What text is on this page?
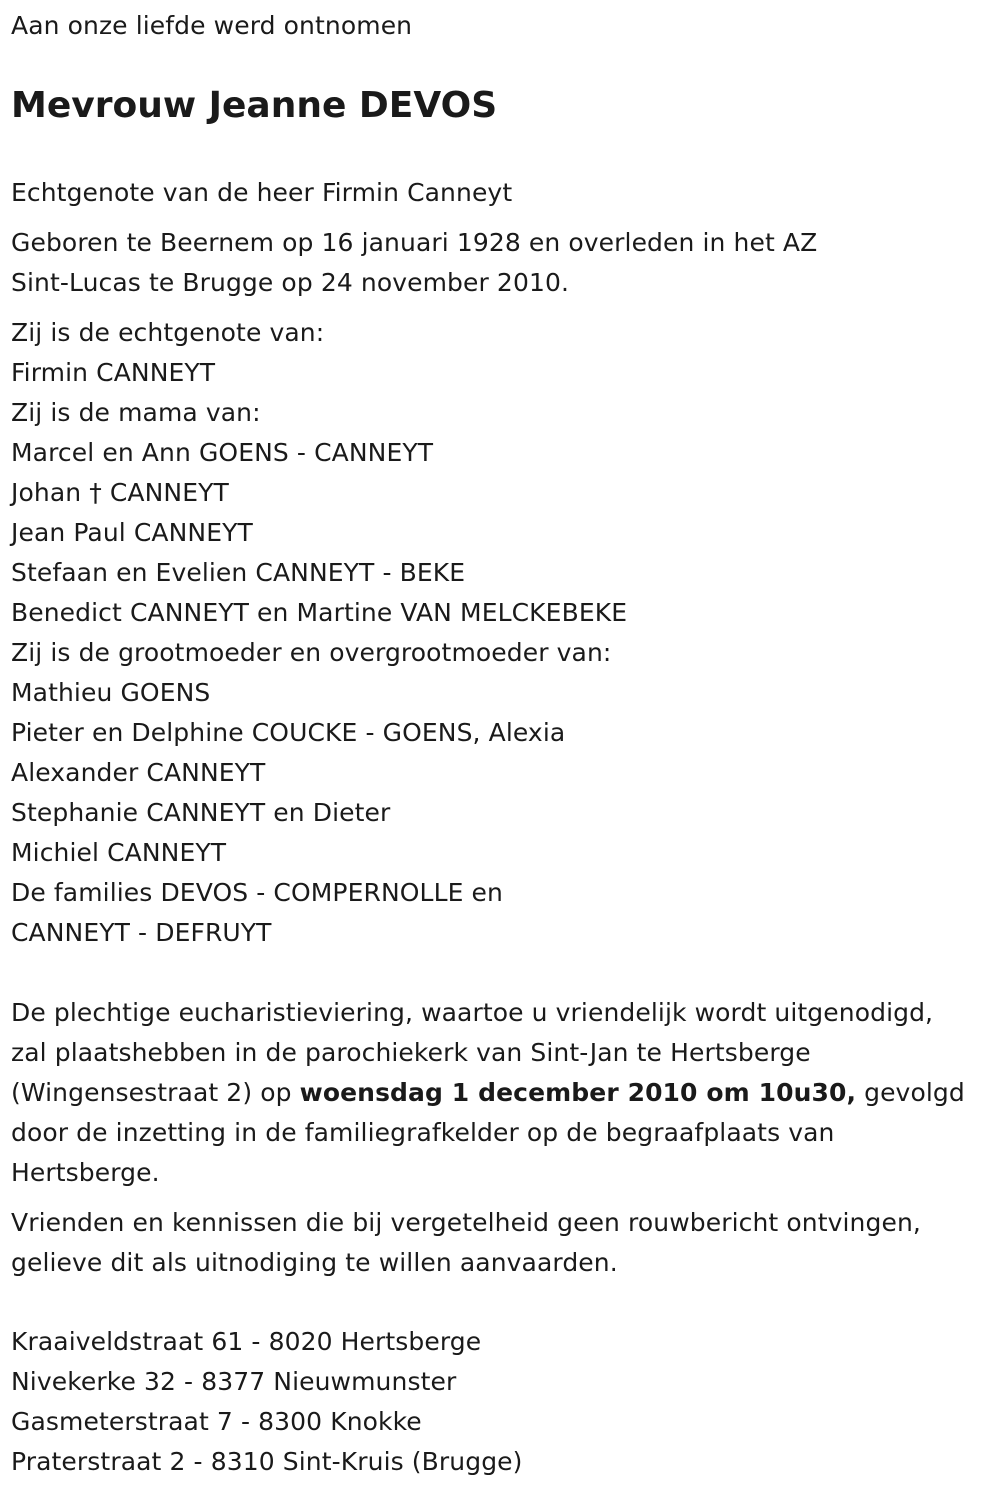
Aan onze liefde werd ontnomen
Mevrouw Jeanne DEVOS
Echtgenote van de heer Firmin Canneyt
Geboren te Beernem op 16 januari 1928 en overleden in het AZ
Sint-Lucas te Brugge op 24 november 2010.
Zij is de echtgenote van:
Firmin CANNEYT
Zij is de mama van:
Marcel en Ann GOENS - CANNEYT
Johan † CANNEYT
Jean Paul CANNEYT
Stefaan en Evelien CANNEYT - BEKE
Benedict CANNEYT en Martine VAN MELCKEBEKE
Zij is de grootmoeder en overgrootmoeder van:
Mathieu GOENS
Pieter en Delphine COUCKE - GOENS, Alexia
Alexander CANNEYT
Stephanie CANNEYT en Dieter
Michiel CANNEYT
De families DEVOS - COMPERNOLLE en
CANNEYT - DEFRUYT
De plechtige eucharistieviering, waartoe u vriendelijk wordt uitgenodigd,
zal plaatshebben in de parochiekerk van Sint-Jan te Hertsberge
(Wingensestraat 2) op woensdag 1 december 2010 om 10u30, gevolgd
door de inzetting in de familiegrafkelder op de begraafplaats van
Hertsberge.
Vrienden en kennissen die bij vergetelheid geen rouwbericht ontvingen,
gelieve dit als uitnodiging te willen aanvaarden.
Kraaiveldstraat 61 - 8020 Hertsberge
Nivekerke 32 - 8377 Nieuwmunster
Gasmeterstraat 7 - 8300 Knokke
Praterstraat 2 - 8310 Sint-Kruis (Brugge)
